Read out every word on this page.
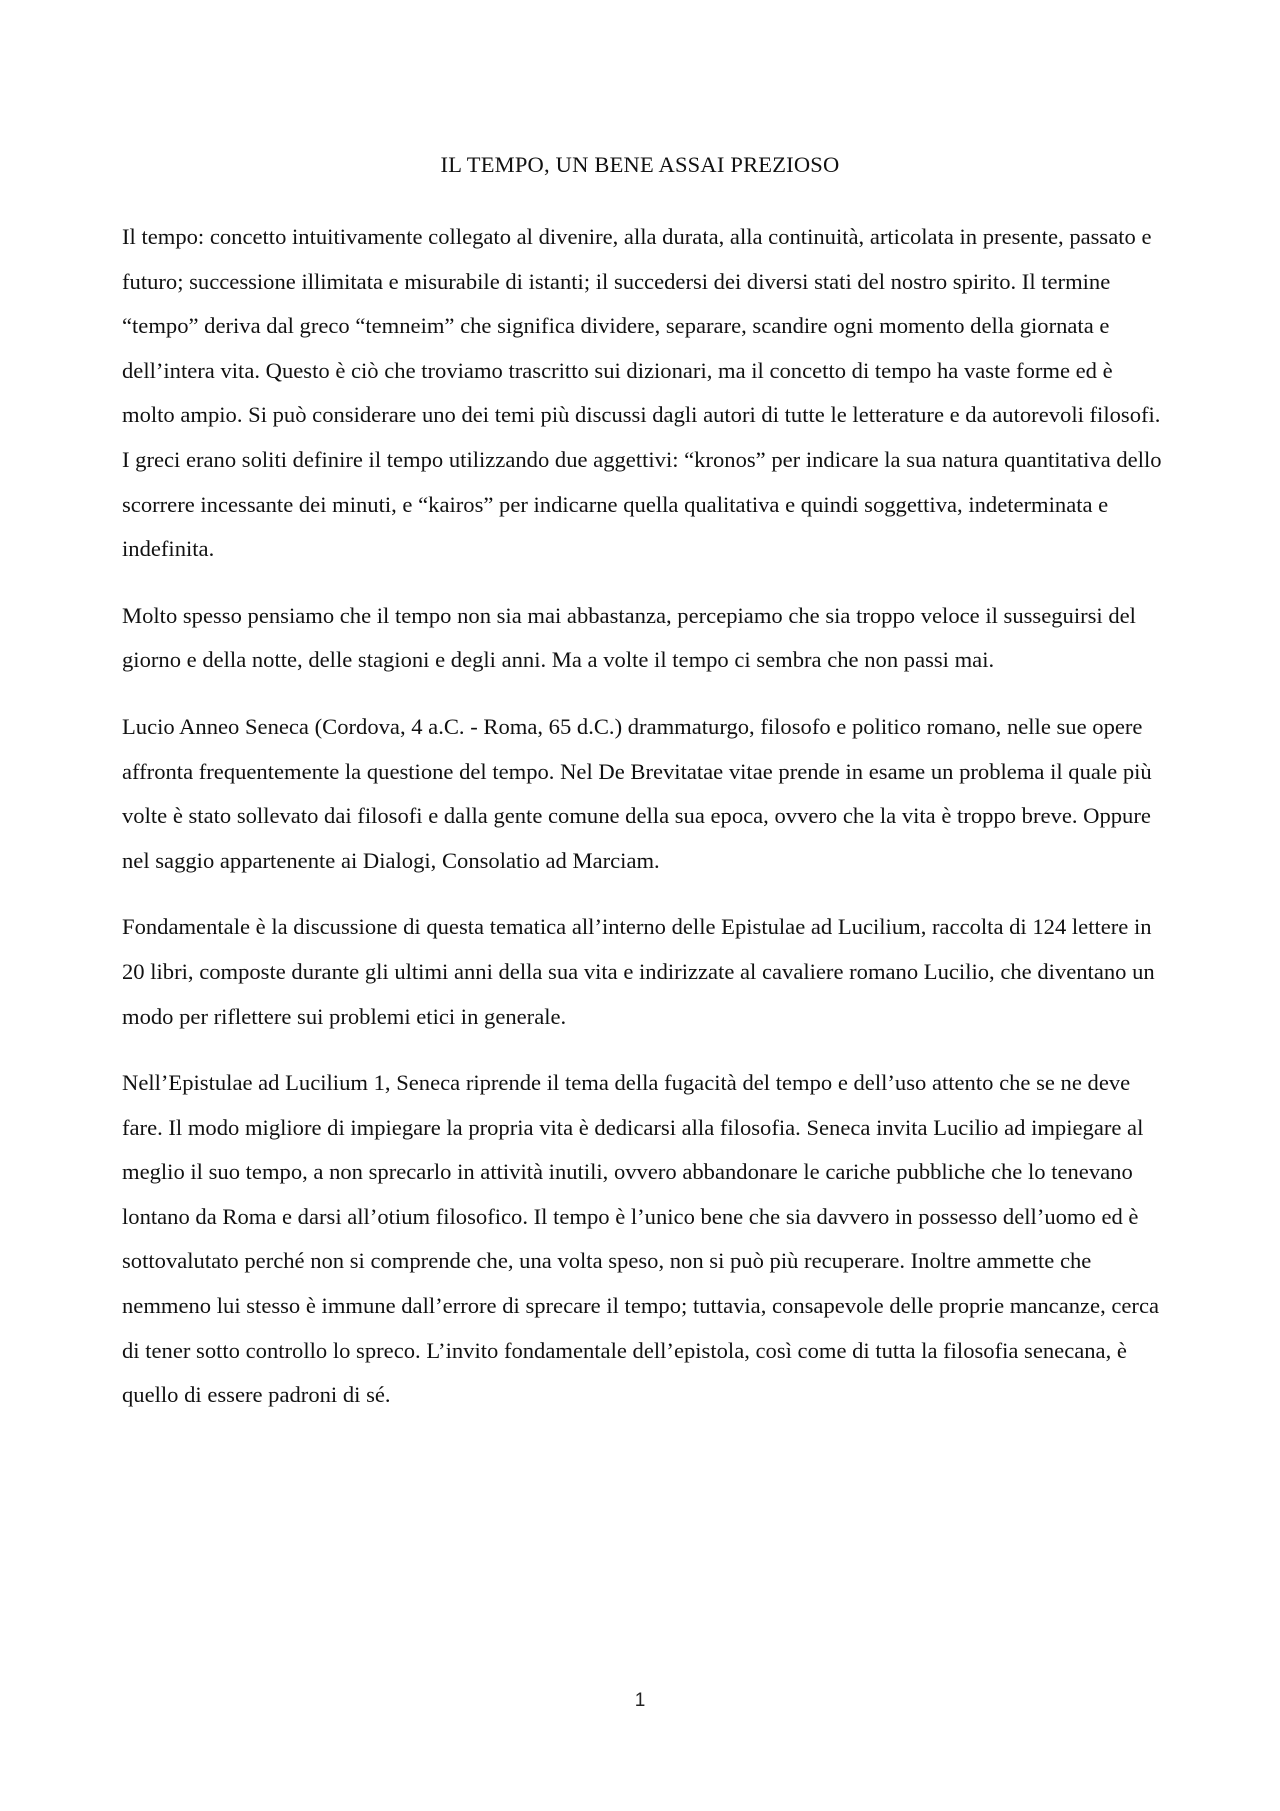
IL TEMPO, UN BENE ASSAI PREZIOSO

Il tempo: concetto intuitivamente collegato al divenire, alla durata, alla continuità, articolata in presente, passato e futuro; successione illimitata e misurabile di istanti; il succedersi dei diversi stati del nostro spirito. Il termine “tempo” deriva dal greco “temneim” che significa dividere, separare, scandire ogni momento della giornata e dell’intera vita. Questo è ciò che troviamo trascritto sui dizionari, ma il concetto di tempo ha vaste forme ed è molto ampio. Si può considerare uno dei temi più discussi dagli autori di tutte le letterature e da autorevoli filosofi. I greci erano soliti definire il tempo utilizzando due aggettivi: “kronos” per indicare la sua natura quantitativa dello scorrere incessante dei minuti, e “kairos” per indicarne quella qualitativa e quindi soggettiva, indeterminata e indefinita.

Molto spesso pensiamo che il tempo non sia mai abbastanza, percepiamo che sia troppo veloce il susseguirsi del giorno e della notte, delle stagioni e degli anni. Ma a volte il tempo ci sembra che non passi mai.

Lucio Anneo Seneca (Cordova, 4 a.C. - Roma, 65 d.C.) drammaturgo, filosofo e politico romano, nelle sue opere affronta frequentemente la questione del tempo. Nel De Brevitatae vitae prende in esame un problema il quale più volte è stato sollevato dai filosofi e dalla gente comune della sua epoca, ovvero che la vita è troppo breve. Oppure nel saggio appartenente ai Dialogi, Consolatio ad Marciam.

Fondamentale è la discussione di questa tematica all’interno delle Epistulae ad Lucilium, raccolta di 124 lettere in 20 libri, composte durante gli ultimi anni della sua vita e indirizzate al cavaliere romano Lucilio, che diventano un modo per riflettere sui problemi etici in generale.

Nell’Epistulae ad Lucilium 1, Seneca riprende il tema della fugacità del tempo e dell’uso attento che se ne deve fare. Il modo migliore di impiegare la propria vita è dedicarsi alla filosofia. Seneca invita Lucilio ad impiegare al meglio il suo tempo, a non sprecarlo in attività inutili, ovvero abbandonare le cariche pubbliche che lo tenevano lontano da Roma e darsi all’otium filosofico. Il tempo è l’unico bene che sia davvero in possesso dell’uomo ed è sottovalutato perché non si comprende che, una volta speso, non si può più recuperare. Inoltre ammette che nemmeno lui stesso è immune dall’errore di sprecare il tempo; tuttavia, consapevole delle proprie mancanze, cerca di tener sotto controllo lo spreco. L’invito fondamentale dell’epistola, così come di tutta la filosofia senecana, è quello di essere padroni di sé.

1
